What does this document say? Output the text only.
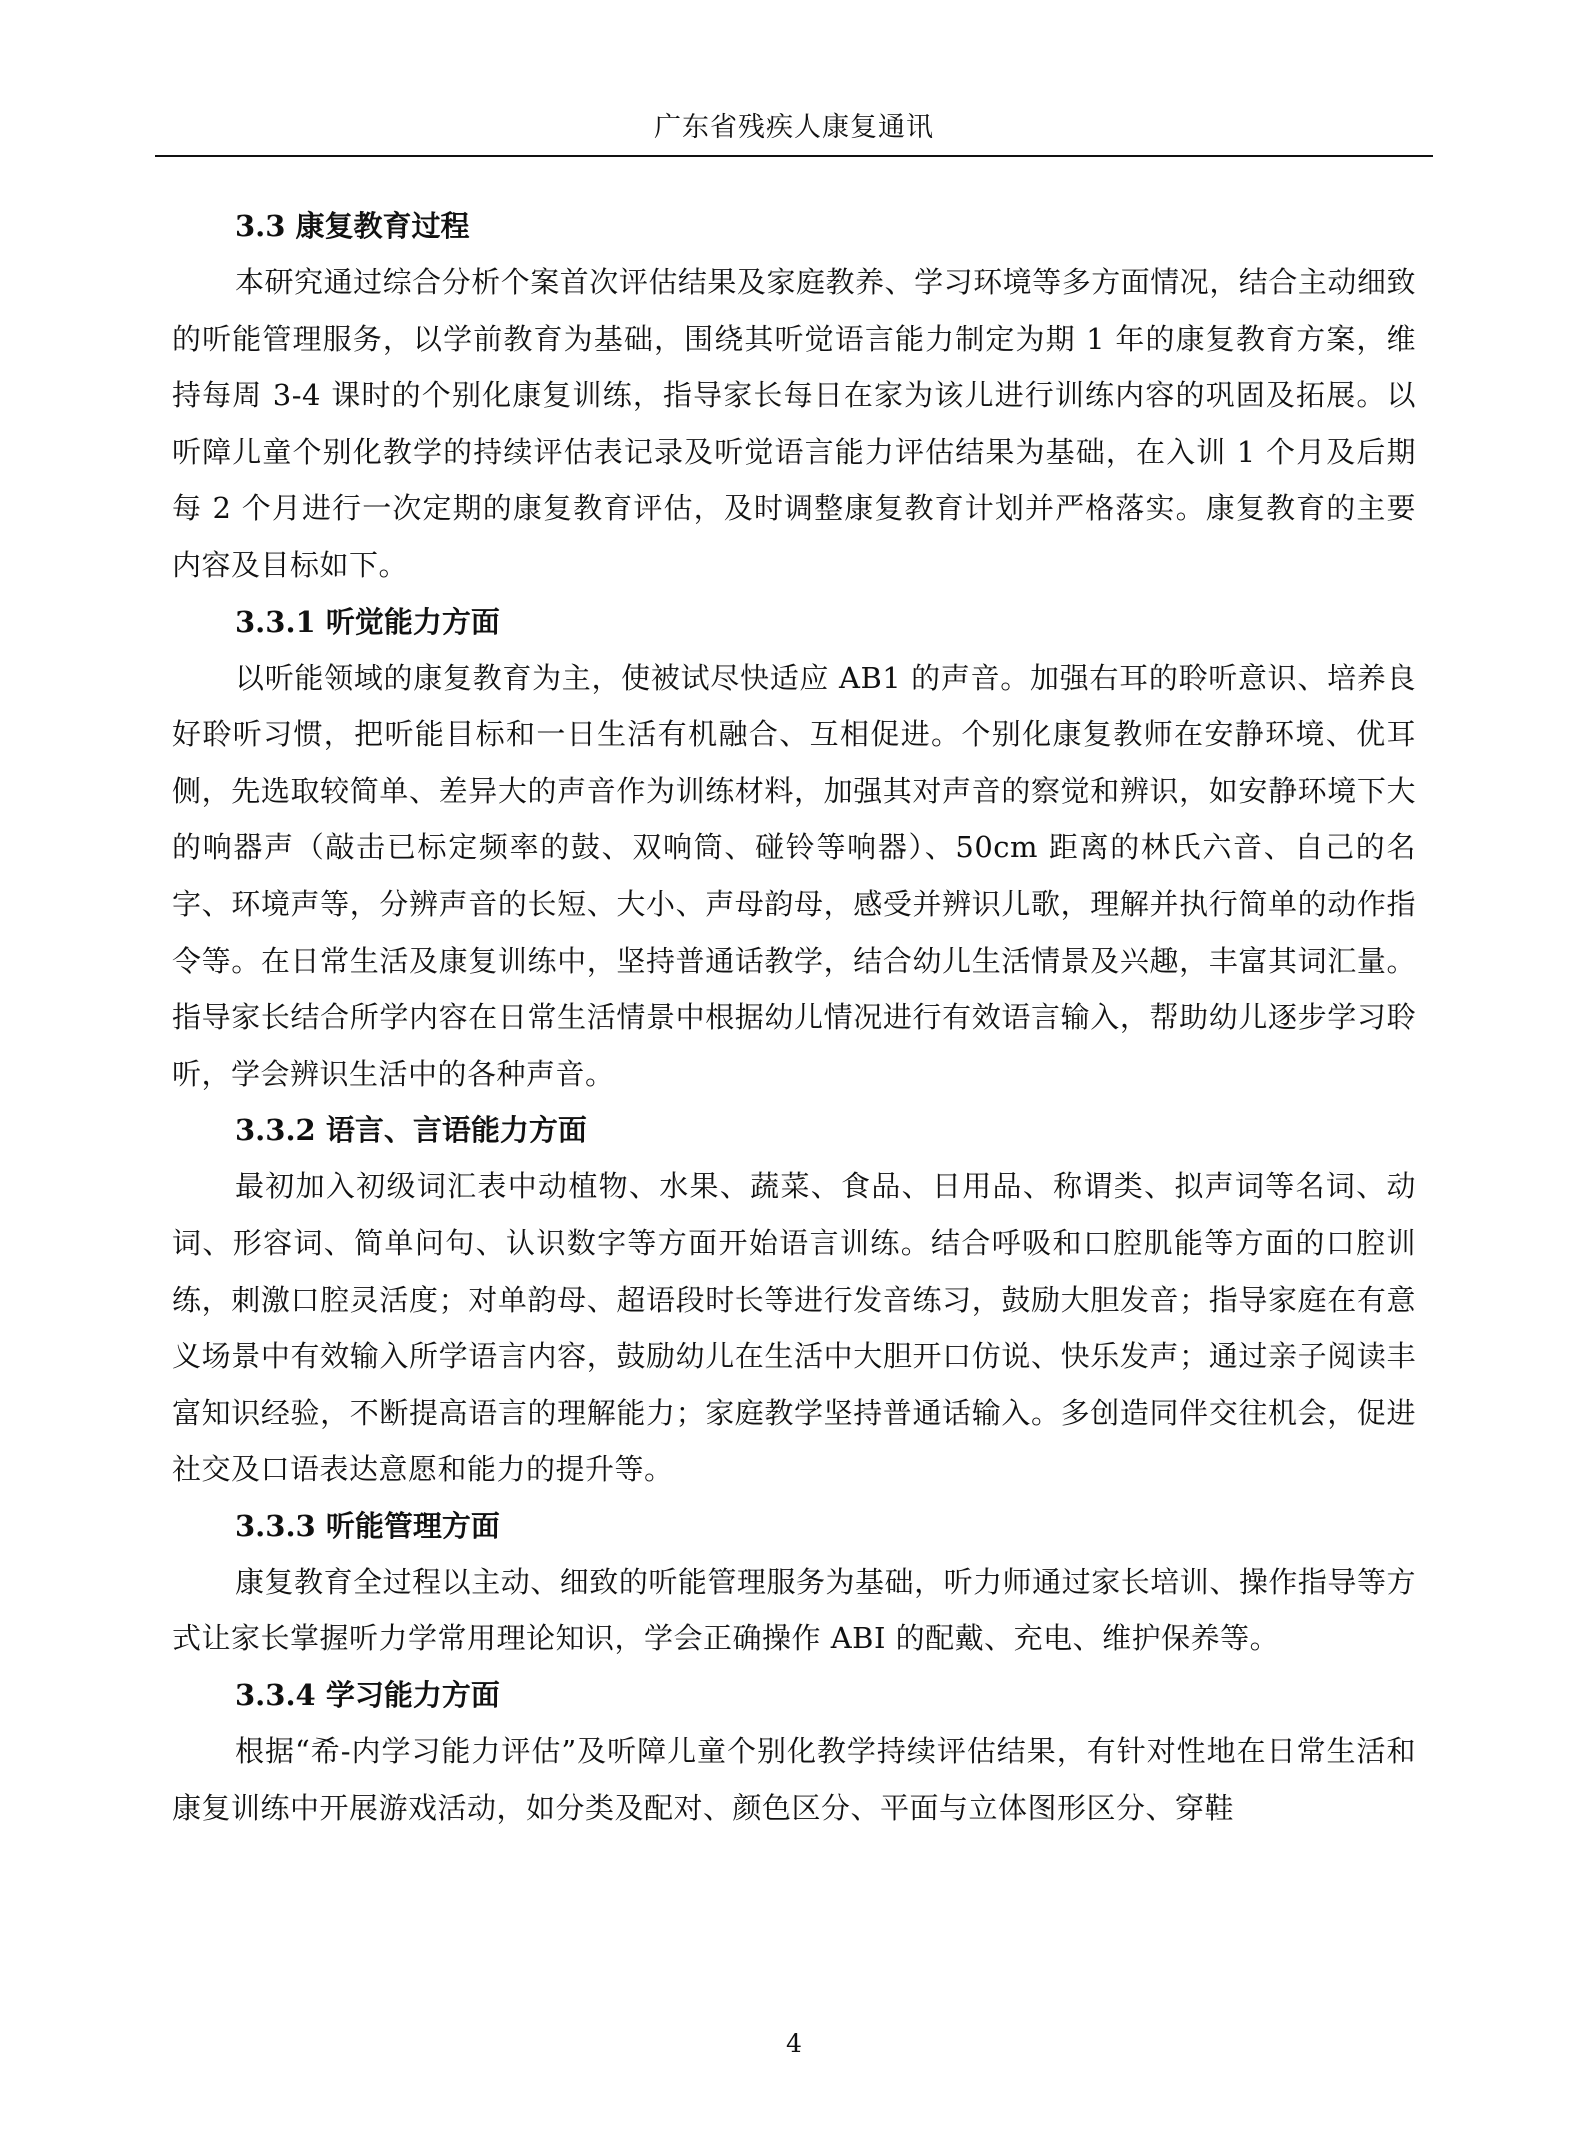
广东省残疾人康复通讯
3.3 康复教育过程
本研究通过综合分析个案首次评估结果及家庭教养、学习环境等多方面情况，结合主动细致的听能管理服务，以学前教育为基础，围绕其听觉语言能力制定为期 1 年的康复教育方案，维持每周 3-4 课时的个别化康复训练，指导家长每日在家为该儿进行训练内容的巩固及拓展。以听障儿童个别化教学的持续评估表记录及听觉语言能力评估结果为基础，在入训 1 个月及后期每 2 个月进行一次定期的康复教育评估，及时调整康复教育计划并严格落实。康复教育的主要内容及目标如下。
3.3.1 听觉能力方面
以听能领域的康复教育为主，使被试尽快适应 AB1 的声音。加强右耳的聆听意识、培养良好聆听习惯，把听能目标和一日生活有机融合、互相促进。个别化康复教师在安静环境、优耳侧，先选取较简单、差异大的声音作为训练材料，加强其对声音的察觉和辨识，如安静环境下大的响器声（敲击已标定频率的鼓、双响筒、碰铃等响器）、50cm 距离的林氏六音、自己的名字、环境声等，分辨声音的长短、大小、声母韵母，感受并辨识儿歌，理解并执行简单的动作指令等。在日常生活及康复训练中，坚持普通话教学，结合幼儿生活情景及兴趣，丰富其词汇量。指导家长结合所学内容在日常生活情景中根据幼儿情况进行有效语言输入，帮助幼儿逐步学习聆听，学会辨识生活中的各种声音。
3.3.2 语言、言语能力方面
最初加入初级词汇表中动植物、水果、蔬菜、食品、日用品、称谓类、拟声词等名词、动词、形容词、简单问句、认识数字等方面开始语言训练。结合呼吸和口腔肌能等方面的口腔训练，刺激口腔灵活度；对单韵母、超语段时长等进行发音练习，鼓励大胆发音；指导家庭在有意义场景中有效输入所学语言内容，鼓励幼儿在生活中大胆开口仿说、快乐发声；通过亲子阅读丰富知识经验，不断提高语言的理解能力；家庭教学坚持普通话输入。多创造同伴交往机会，促进社交及口语表达意愿和能力的提升等。
3.3.3 听能管理方面
康复教育全过程以主动、细致的听能管理服务为基础，听力师通过家长培训、操作指导等方式让家长掌握听力学常用理论知识，学会正确操作 ABI 的配戴、充电、维护保养等。
3.3.4 学习能力方面
根据“希-内学习能力评估”及听障儿童个别化教学持续评估结果，有针对性地在日常生活和康复训练中开展游戏活动，如分类及配对、颜色区分、平面与立体图形区分、穿鞋
4
